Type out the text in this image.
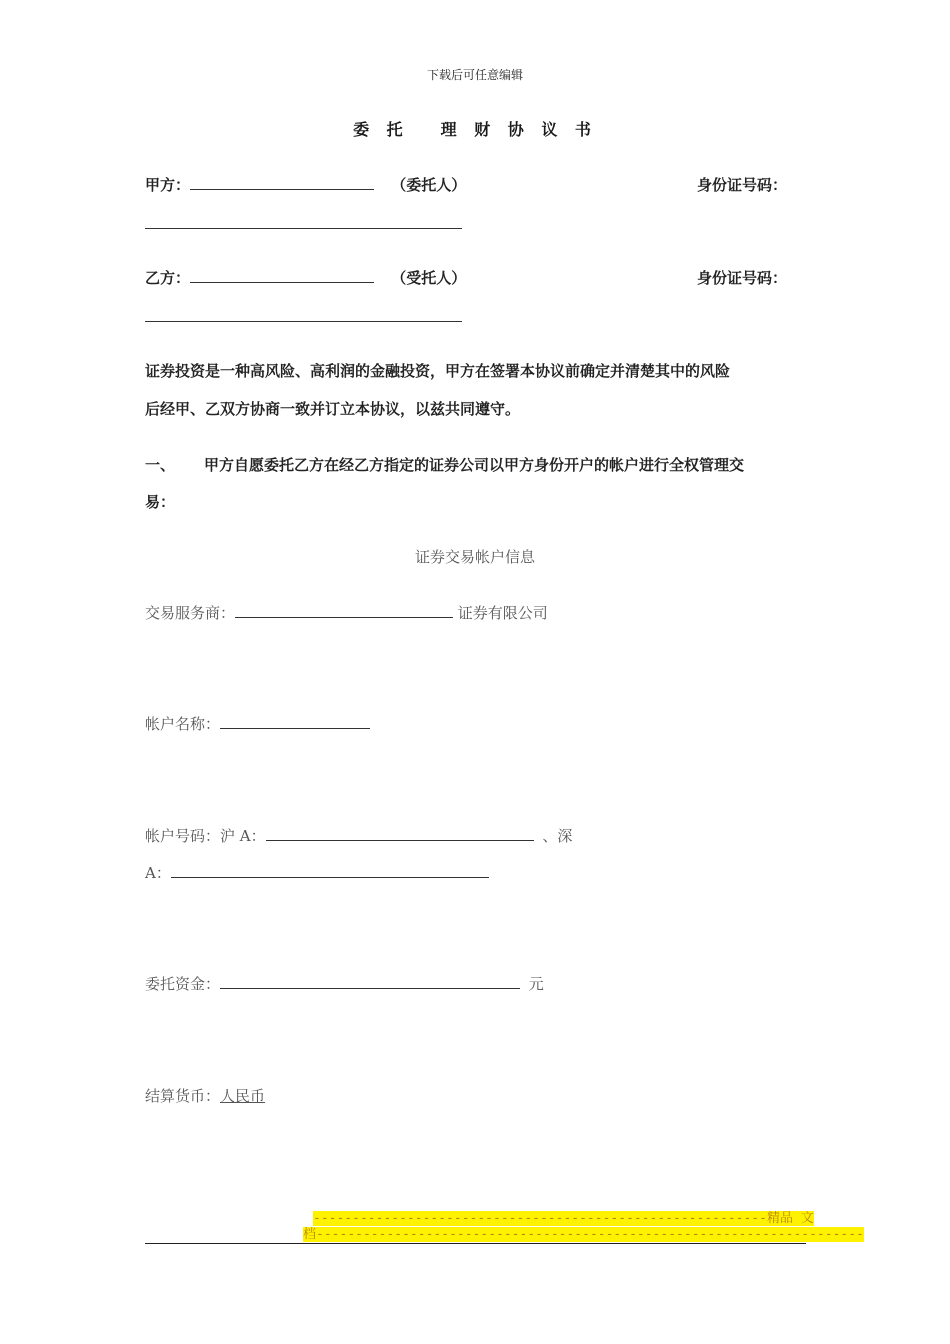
下载后可任意编辑
委 托 理 财 协 议 书
甲方：	（委托人）	身份证号码：
乙方：	（受托人）	身份证号码：
证券投资是一种高风险、高利润的金融投资，甲方在签署本协议前确定并清楚其中的风险
后经甲、乙双方协商一致并订立本协议，以兹共同遵守。
一、 甲方自愿委托乙方在经乙方指定的证券公司以甲方身份开户的帐户进行全权管理交
易：
证券交易帐户信息
交易服务商：	证券有限公司
帐户名称：
帐户号码：沪 A：	、深
A：
委托资金：	元
结算货币：人民币
----------------------------------------------------------精品 文
档----------------------------------------------------------------------
